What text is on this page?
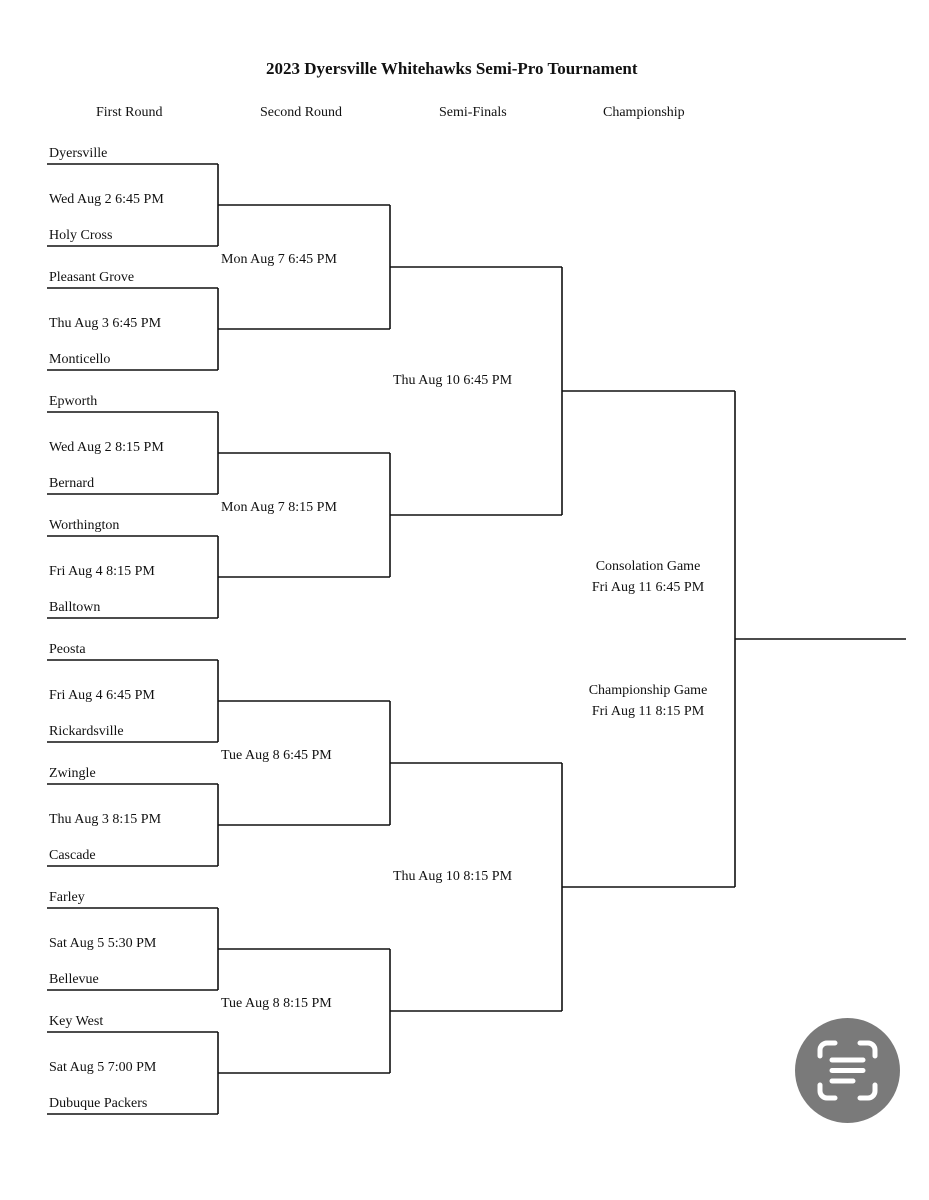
2023 Dyersville Whitehawks Semi-Pro Tournament
First Round	Second Round	Semi-Finals	Championship
Dyersville
Wed Aug 2 6:45 PM
Holy Cross
Pleasant Grove
Thu Aug 3 6:45 PM
Monticello
Epworth
Wed Aug 2 8:15 PM
Bernard
Worthington
Fri Aug 4 8:15 PM
Balltown
Peosta
Fri Aug 4 6:45 PM
Rickardsville
Zwingle
Thu Aug 3 8:15 PM
Cascade
Farley
Sat Aug 5 5:30 PM
Bellevue
Key West
Sat Aug 5 7:00 PM
Dubuque Packers
Mon Aug 7 6:45 PM
Mon Aug 7 8:15 PM
Tue Aug 8 6:45 PM
Tue Aug 8 8:15 PM
Thu Aug 10 6:45 PM
Thu Aug 10 8:15 PM
Consolation Game
Fri Aug 11 6:45 PM
Championship Game
Fri Aug 11 8:15 PM
